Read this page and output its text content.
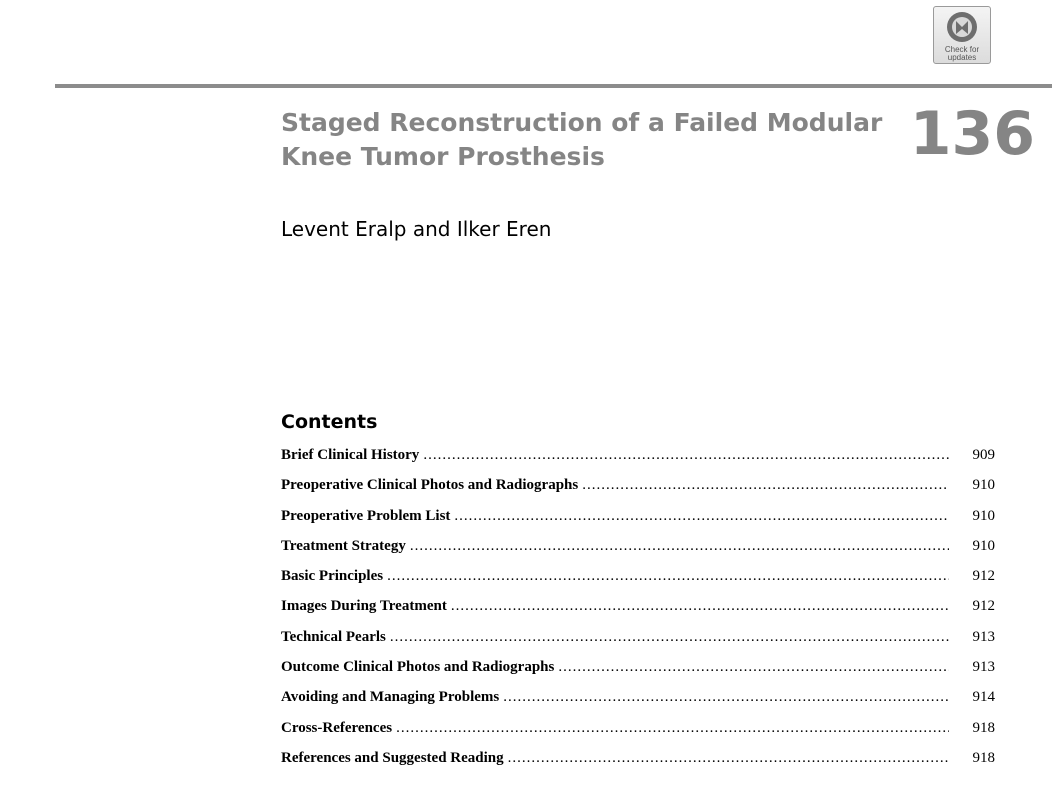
Check for
updates
Staged Reconstruction of a Failed Modular
Knee Tumor Prosthesis	136
Levent Eralp and Ilker Eren
Contents
Brief Clinical History .....	909
Preoperative Clinical Photos and Radiographs .....	910
Preoperative Problem List .....	910
Treatment Strategy .....	910
Basic Principles .....	912
Images During Treatment .....	912
Technical Pearls .....	913
Outcome Clinical Photos and Radiographs .....	913
Avoiding and Managing Problems .....	914
Cross-References .....	918
References and Suggested Reading .....	918
